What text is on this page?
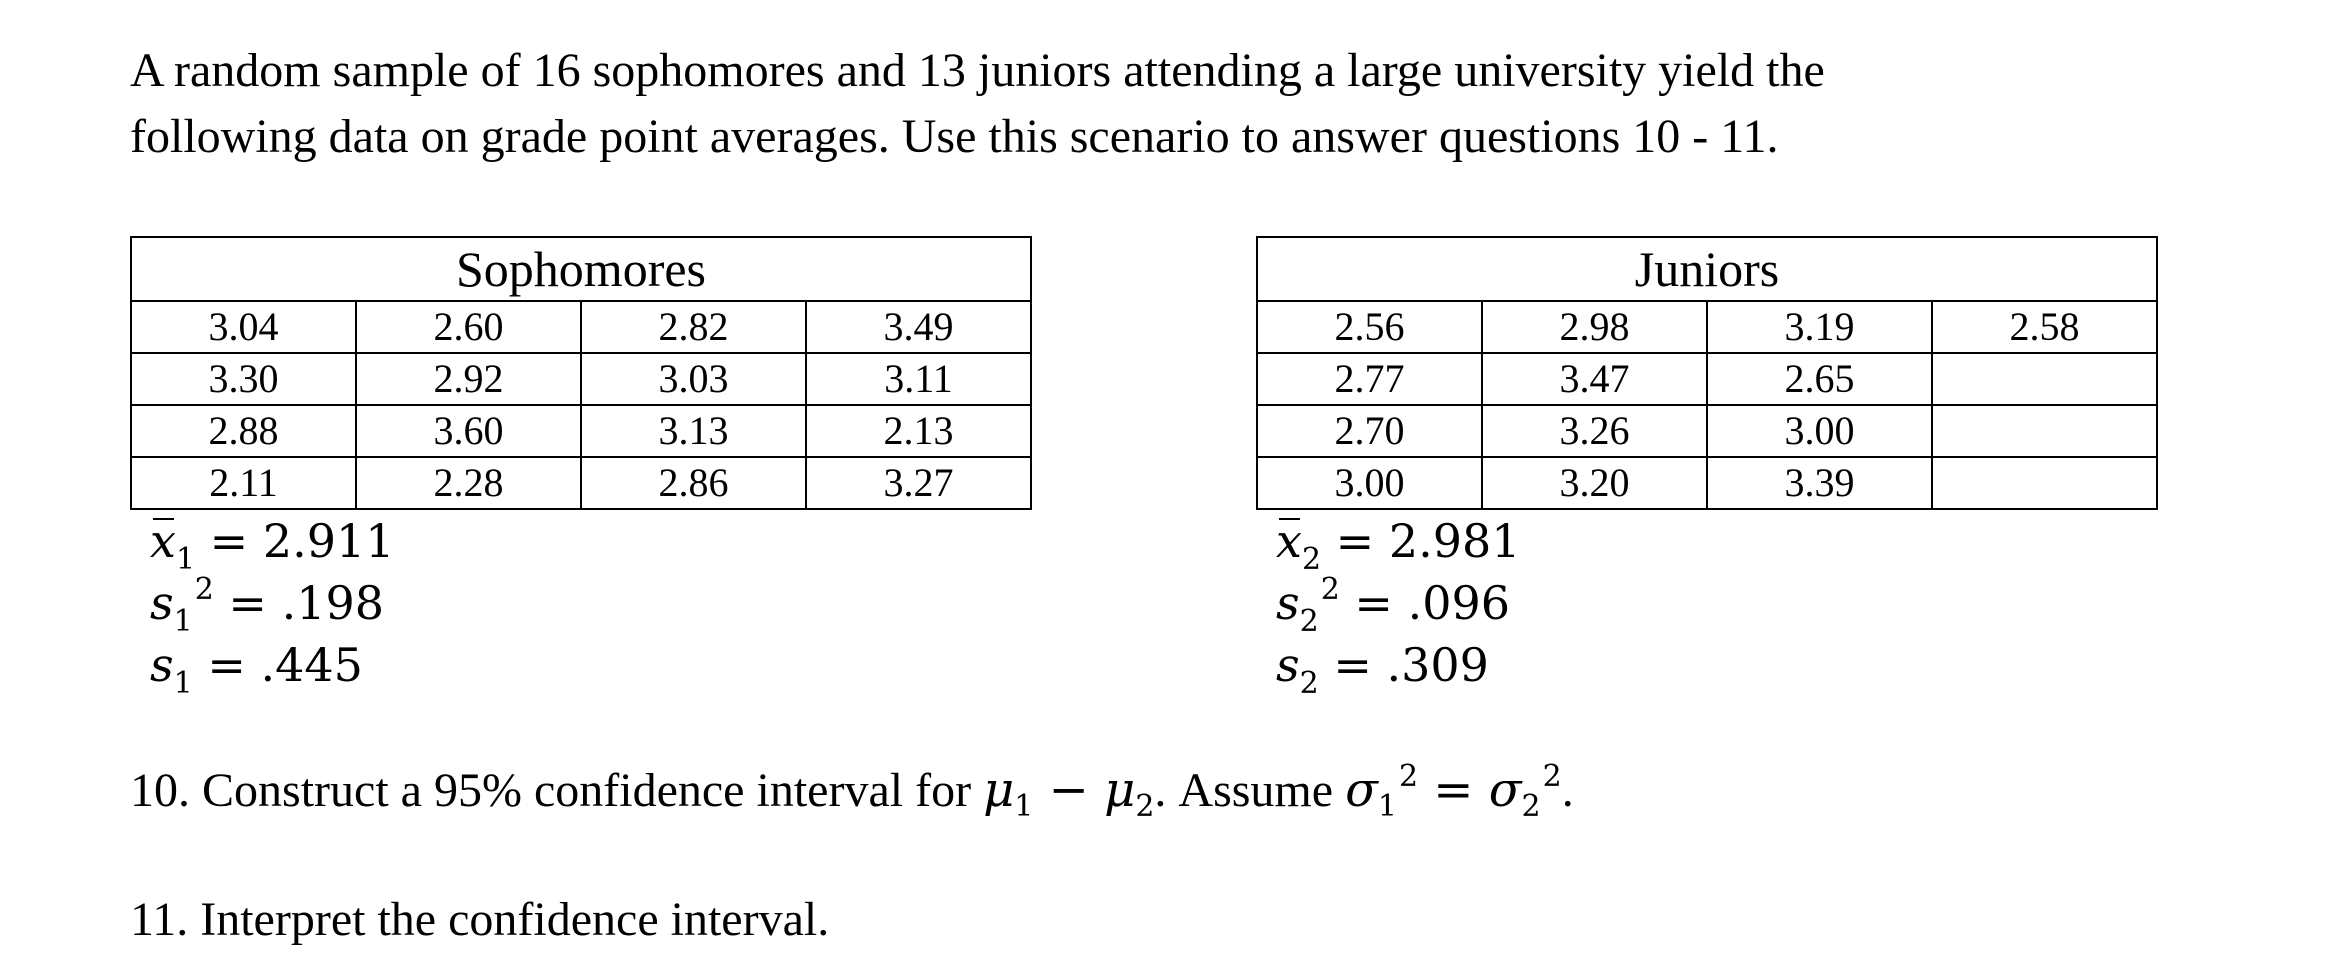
A random sample of 16 sophomores and 13 juniors attending a large university yield the

following data on grade point averages. Use this scenario to answer questions 10 - 11.

Sophomores			
3.04	2.60	2.82	3.49
3.30	2.92	3.03	3.11
2.88	3.60	3.13	2.13
2.11	2.28	2.86	3.27
Juniors			
2.56	2.98	3.19	2.58
2.77	3.47	2.65	
2.70	3.26	3.00	
3.00	3.20	3.39	
$x_1 = 2.911$
$s_1^2 = .198$
$s_1 = .445$
$x_2 = 2.981$
$s_2^2 = .096$
$s_2 = .309$
10. Construct a 95% confidence interval for $\mu_1 - \mu_2$. Assume $\sigma_1^2 = \sigma_2^2$.
11. Interpret the confidence interval.
